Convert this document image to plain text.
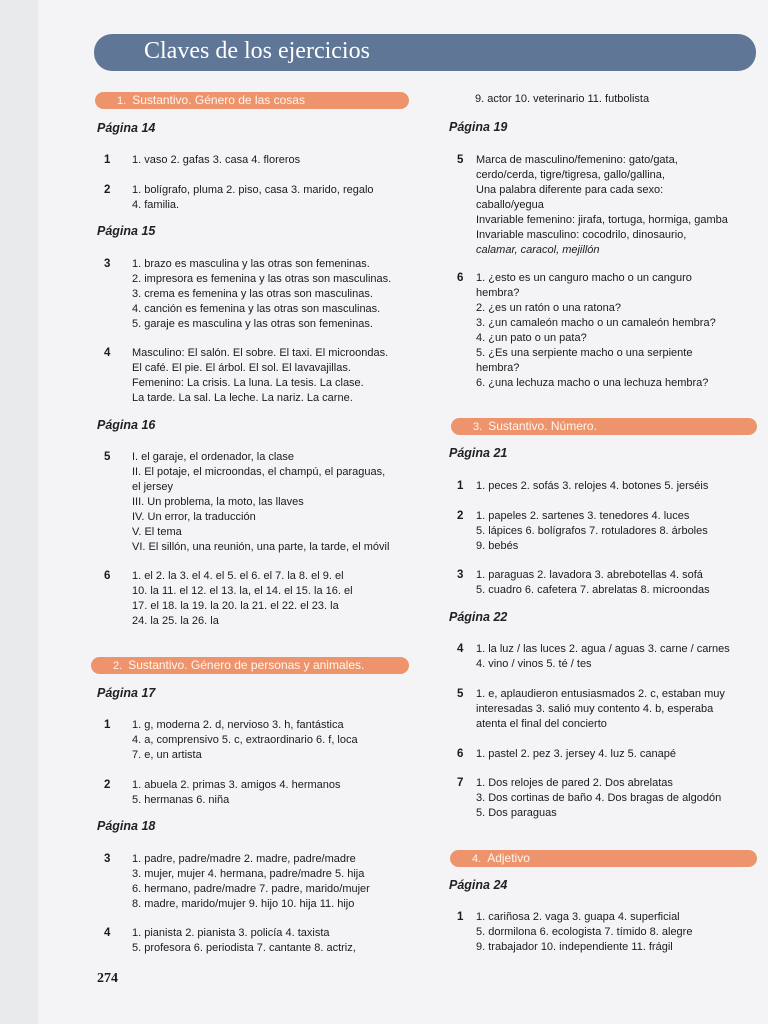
Claves de los ejercicios
1. Sustantivo. Género de las cosas
Página 14
1	1. vaso 2. gafas 3. casa 4. floreros
2	1. bolígrafo, pluma 2. piso, casa 3. marido, regalo
4. familia.
Página 15
3	1. brazo es masculina y las otras son femeninas.
2. impresora es femenina y las otras son masculinas.
3. crema es femenina y las otras son masculinas.
4. canción es femenina y las otras son masculinas.
5. garaje es masculina y las otras son femeninas.
4	Masculino: El salón. El sobre. El taxi. El microondas.
El café. El pie. El árbol. El sol. El lavavajillas.
Femenino: La crisis. La luna. La tesis. La clase.
La tarde. La sal. La leche. La nariz. La carne.
Página 16
5	I. el garaje, el ordenador, la clase
II. El potaje, el microondas, el champú, el paraguas,
el jersey
III. Un problema, la moto, las llaves
IV. Un error, la traducción
V. El tema
VI. El sillón, una reunión, una parte, la tarde, el móvil
6	1. el 2. la 3. el 4. el 5. el 6. el 7. la 8. el 9. el
10. la 11. el 12. el 13. la, el 14. el 15. la 16. el
17. el 18. la 19. la 20. la 21. el 22. el 23. la
24. la 25. la 26. la
2. Sustantivo. Género de personas y animales.
Página 17
1	1. g, moderna 2. d, nervioso 3. h, fantástica
4. a, comprensivo 5. c, extraordinario 6. f, loca
7. e, un artista
2	1. abuela 2. primas 3. amigos 4. hermanos
5. hermanas 6. niña
Página 18
3	1. padre, padre/madre 2. madre, padre/madre
3. mujer, mujer 4. hermana, padre/madre 5. hija
6. hermano, padre/madre 7. padre, marido/mujer
8. madre, marido/mujer 9. hijo 10. hija 11. hijo
4	1. pianista 2. pianista 3. policía 4. taxista
5. profesora 6. periodista 7. cantante 8. actriz,
274
9. actor 10. veterinario 11. futbolista
Página 19
5	Marca de masculino/femenino: gato/gata,
cerdo/cerda, tigre/tigresa, gallo/gallina,
Una palabra diferente para cada sexo:
caballo/yegua
Invariable femenino: jirafa, tortuga, hormiga, gamba
Invariable masculino: cocodrilo, dinosaurio,
calamar, caracol, mejillón
6	1. ¿esto es un canguro macho o un canguro
hembra?
2. ¿es un ratón o una ratona?
3. ¿un camaleón macho o un camaleón hembra?
4. ¿un pato o un pata?
5. ¿Es una serpiente macho o una serpiente
hembra?
6. ¿una lechuza macho o una lechuza hembra?
3. Sustantivo. Número.
Página 21
1	1. peces 2. sofás 3. relojes 4. botones 5. jerséis
2	1. papeles 2. sartenes 3. tenedores 4. luces
5. lápices 6. bolígrafos 7. rotuladores 8. árboles
9. bebés
3	1. paraguas 2. lavadora 3. abrebotellas 4. sofá
5. cuadro 6. cafetera 7. abrelatas 8. microondas
Página 22
4	1. la luz / las luces 2. agua / aguas 3. carne / carnes
4. vino / vinos 5. té / tes
5	1. e, aplaudieron entusiasmados 2. c, estaban muy
interesadas 3. salió muy contento 4. b, esperaba
atenta el final del concierto
6	1. pastel 2. pez 3. jersey 4. luz 5. canapé
7	1. Dos relojes de pared 2. Dos abrelatas
3. Dos cortinas de baño 4. Dos bragas de algodón
5. Dos paraguas
4. Adjetivo
Página 24
1	1. cariñosa 2. vaga 3. guapa 4. superficial
5. dormilona 6. ecologista 7. tímido 8. alegre
9. trabajador 10. independiente 11. frágil
